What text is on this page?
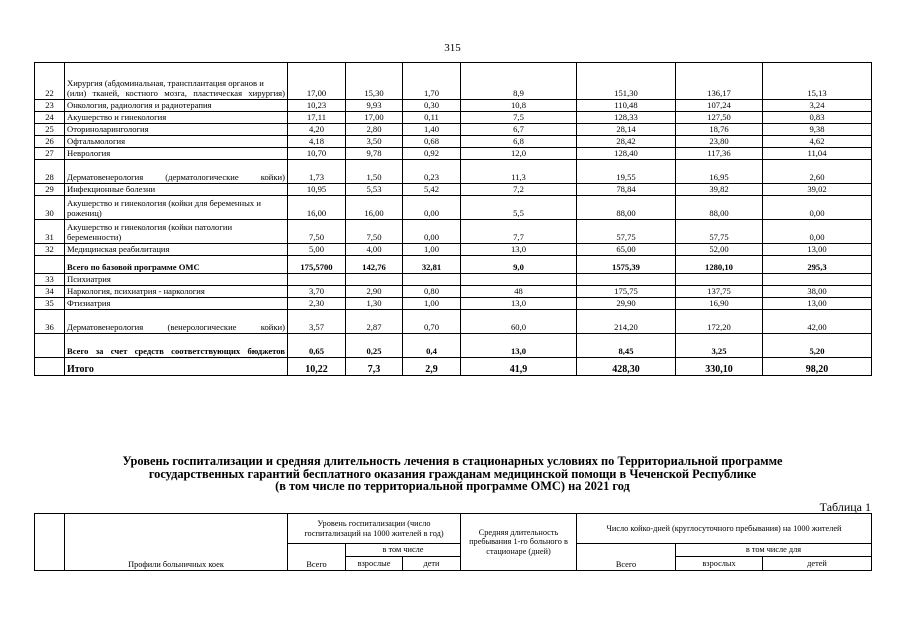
315
22	Хирургия (абдоминальная, трансплантация органов и (или) тканей, костного мозга, пластическая хирургия)	17,00	15,30	1,70	8,9	151,30	136,17	15,13
23	Онкология, радиология и радиотерапия	10,23	9,93	0,30	10,8	110,48	107,24	3,24
24	Акушерство и гинекология	17,11	17,00	0,11	7,5	128,33	127,50	0,83
25	Оториноларингология	4,20	2,80	1,40	6,7	28,14	18,76	9,38
26	Офтальмология	4,18	3,50	0,68	6,8	28,42	23,80	4,62
27	Неврология	10,70	9,78	0,92	12,0	128,40	117,36	11,04
28	Дерматовенерология (дерматологические койки)	1,73	1,50	0,23	11,3	19,55	16,95	2,60
29	Инфекционные болезни	10,95	5,53	5,42	7,2	78,84	39,82	39,02
30	Акушерство и гинекология (койки для беременных и рожениц)	16,00	16,00	0,00	5,5	88,00	88,00	0,00
31	Акушерство и гинекология (койки патологии беременности)	7,50	7,50	0,00	7,7	57,75	57,75	0,00
32	Медицинская реабилитация	5,00	4,00	1,00	13,0	65,00	52,00	13,00
	Всего по базовой программе ОМС	175,5700	142,76	32,81	9,0	1575,39	1280,10	295,3
33	Психиатрия							
34	Наркология, психиатрия - наркология	3,70	2,90	0,80	48	175,75	137,75	38,00
35	Фтизиатрия	2,30	1,30	1,00	13,0	29,90	16,90	13,00
36	Дерматовенерология (венерологические койки)	3,57	2,87	0,70	60,0	214,20	172,20	42,00
	Всего за счет средств соответствующих бюджетов	0,65	0,25	0,4	13,0	8,45	3,25	5,20
	Итого	10,22	7,3	2,9	41,9	428,30	330,10	98,20
Уровень госпитализации и средняя длительность лечения в стационарных условиях по Территориальной программе
государственных гарантий бесплатного оказания гражданам медицинской помощи в Чеченской Республике
(в том числе по территориальной программе ОМС) на 2021 год
Таблица 1
	Профили больничных коек	Уровень госпитализации (число госпитализаций на 1000 жителей в год)			Средняя длительность пребывания 1-го больного в стационаре (дней)	Число койко-дней (круглосуточного пребывания) на 1000 жителей		
		Всего	в том числе			Всего	в том числе для	
			взрослые	дети			взрослых	детей
